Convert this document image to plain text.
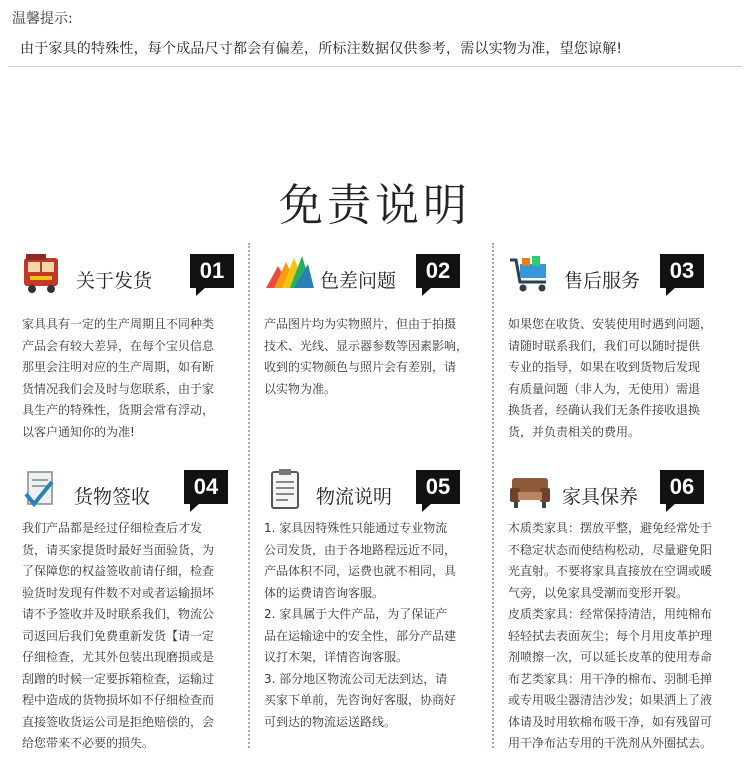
温馨提示:
由于家具的特殊性，每个成品尺寸都会有偏差，所标注数据仅供参考，需以实物为准，望您谅解!
免责说明
关于发货	01

家具具有一定的生产周期且不同种类

产品会有较大差异，在每个宝贝信息

那里会注明对应的生产周期，如有断

货情况我们会及时与您联系，由于家

具生产的特殊性，货期会常有浮动，

以客户通知你的为准!

色差问题	02

产品图片均为实物照片，但由于拍摄

技术、光线、显示器参数等因素影响，

收到的实物颜色与照片会有差别，请

以实物为准。

售后服务	03

如果您在收货、安装使用时遇到问题，

请随时联系我们，我们可以随时提供

专业的指导，如果在收到货物后发现

有质量问题（非人为，无使用）需退

换货者，经确认我们无条件接收退换

货，并负责相关的费用。

货物签收	04

我们产品都是经过仔细检查后才发

货，请买家提货时最好当面验货，为

了保障您的权益签收前请仔细，检查

验货时发现有件数不对或者运输损坏

请不予签收并及时联系我们，物流公

司返回后我们免费重新发货【请一定

仔细检查，尤其外包装出现磨损或是

刮蹭的时候一定要拆箱检查，运输过

程中造成的货物损坏如不仔细检查而

直接签收货运公司是拒绝赔偿的，会

给您带来不必要的损失。

物流说明	05

1. 家具因特殊性只能通过专业物流

公司发货，由于各地路程远近不同，

产品体积不同，运费也就不相同，具

体的运费请咨询客服。

2. 家具属于大件产品，为了保证产

品在运输途中的安全性，部分产品建

议打木架，详情咨询客服。

3. 部分地区物流公司无法到达，请

买家下单前，先咨询好客服，协商好

可到达的物流运送路线。

家具保养	06

木质类家具：摆放平整，避免经常处于

不稳定状态而使结构松动，尽量避免阳

光直射。不要将家具直接放在空调或暖

气旁，以免家具受潮而变形开裂。

皮质类家具：经常保持清洁，用纯棉布

轻轻拭去表面灰尘；每个月用皮革护理

剂喷擦一次，可以延长皮革的使用寿命

布艺类家具：用干净的棉布、羽制毛掸

或专用吸尘器清洁沙发；如果洒上了液

体请及时用软棉布吸干净，如有残留可

用干净布沾专用的干洗剂从外圈拭去。
